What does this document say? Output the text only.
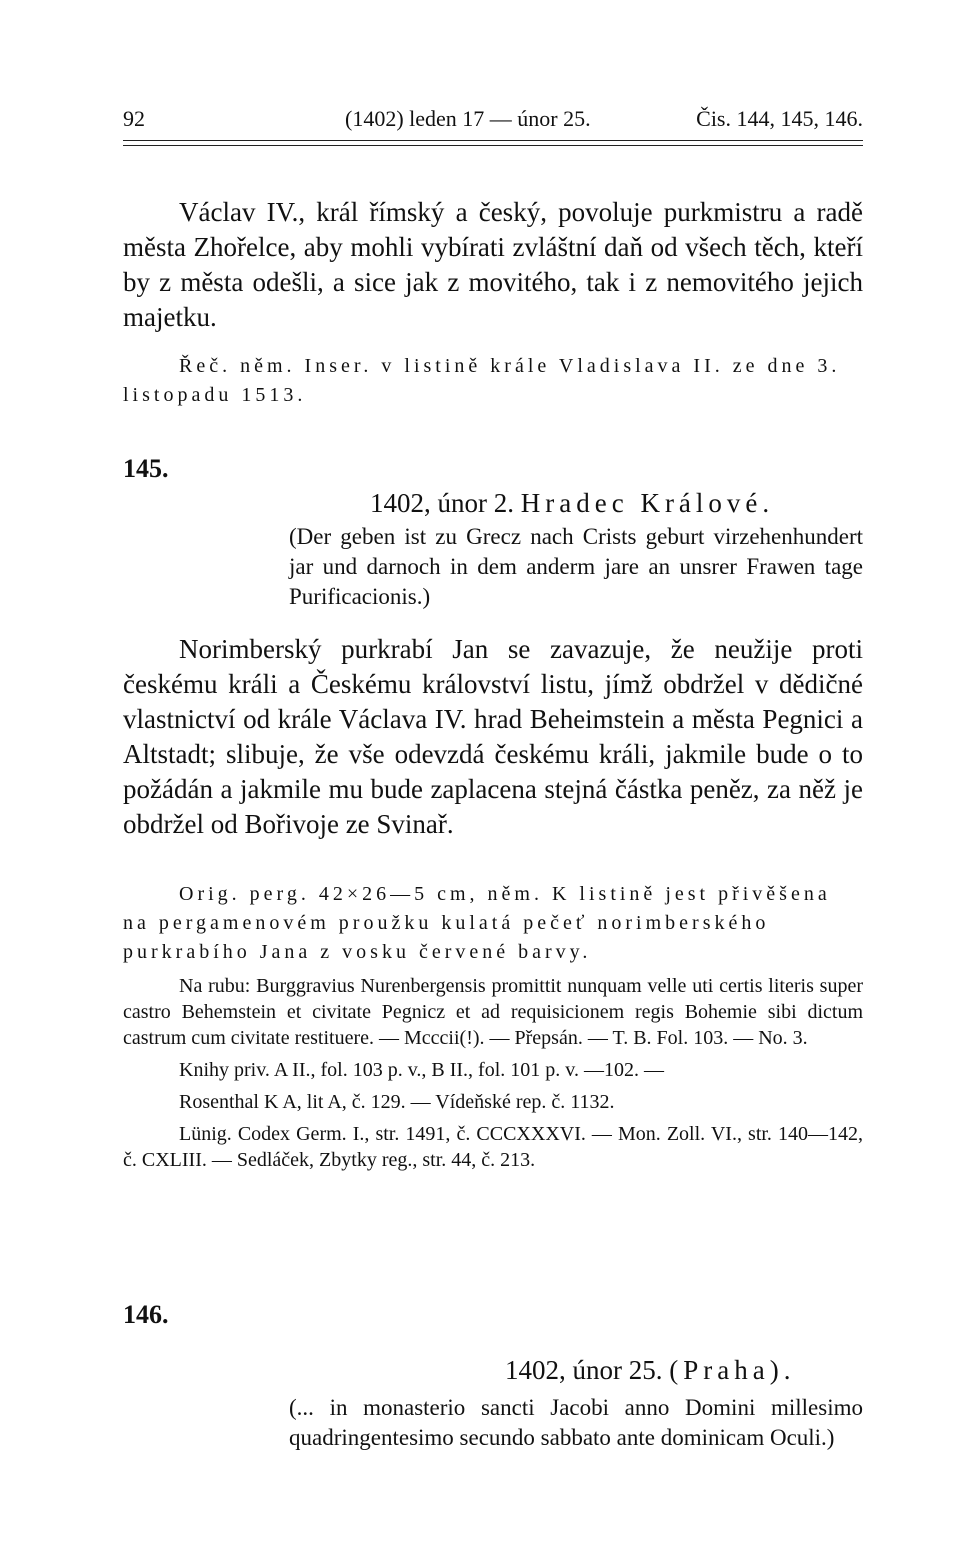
92	(1402) leden 17 — únor 25.	Čis. 144, 145, 146.

Václav IV., král římský a český, povoluje purkmistru a radě města Zhořelce, aby mohli vybírati zvláštní daň od všech těch, kteří by z města odešli, a sice jak z movitého, tak i z nemovitého jejich majetku.

Řeč. něm. Inser. v listině krále Vladislava II. ze dne 3. listopadu 1513.

145.
1402, únor 2. Hradec Králové.

(Der geben ist zu Grecz nach Crists geburt virzehenhundert jar und darnoch in dem anderm jare an unsrer Frawen tage Purificacionis.)

Norimberský purkrabí Jan se zavazuje, že neužije proti českému králi a Českému království listu, jímž obdržel v dědičné vlastnictví od krále Václava IV. hrad Beheimstein a města Pegnici a Altstadt; slibuje, že vše odevzdá českému králi, jakmile bude o to požádán a jakmile mu bude zaplacena stejná částka peněz, za něž je obdržel od Bořivoje ze Svinař.

Orig. perg. 42×26—5 cm, něm. K listině jest přivěšena na pergamenovém proužku kulatá pečeť norimberského purkrabího Jana z vosku červené barvy.

Na rubu: Burggravius Nurenbergensis promittit nunquam velle uti certis literis super castro Behemstein et civitate Pegnicz et ad requisicionem regis Bohemie sibi dictum castrum cum civitate restituere. — Mcccii(!). — Přepsán. — T. B. Fol. 103. — No. 3.

Knihy priv. A II., fol. 103 p. v., B II., fol. 101 p. v. —102. —

Rosenthal K A, lit A, č. 129. — Vídeňské rep. č. 1132.

Lünig. Codex Germ. I., str. 1491, č. CCCXXXVI. — Mon. Zoll. VI., str. 140—142, č. CXLIII. — Sedláček, Zbytky reg., str. 44, č. 213.

146.
1402, únor 25. (Praha).

(... in monasterio sancti Jacobi anno Domini millesimo quadringentesimo secundo sabbato ante dominicam Oculi.)
